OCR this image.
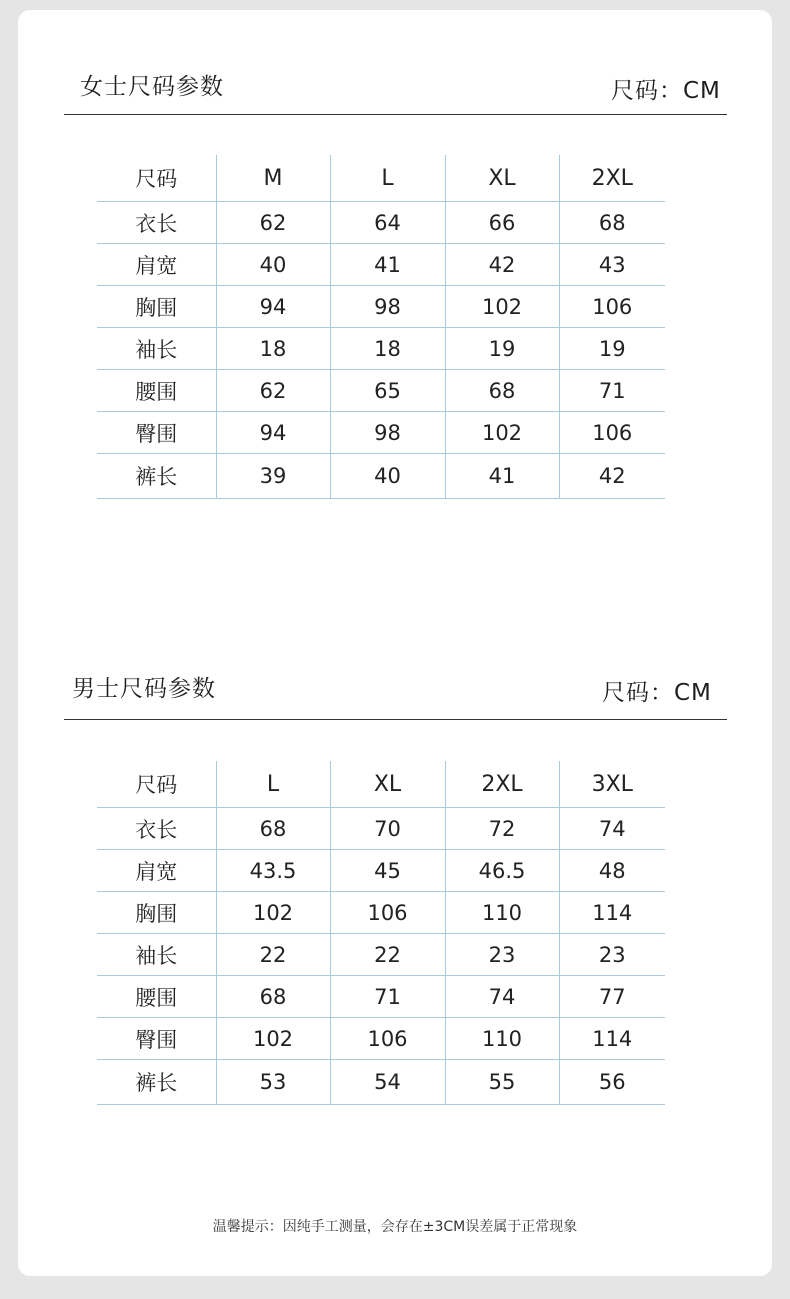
女士尺码参数	尺码：CM
尺码	M	L	XL	2XL
衣长	62	64	66	68
肩宽	40	41	42	43
胸围	94	98	102	106
袖长	18	18	19	19
腰围	62	65	68	71
臀围	94	98	102	106
裤长	39	40	41	42
男士尺码参数	尺码：CM
尺码	L	XL	2XL	3XL
衣长	68	70	72	74
肩宽	43.5	45	46.5	48
胸围	102	106	110	114
袖长	22	22	23	23
腰围	68	71	74	77
臀围	102	106	110	114
裤长	53	54	55	56
温馨提示：因纯手工测量，会存在±3CM误差属于正常现象
